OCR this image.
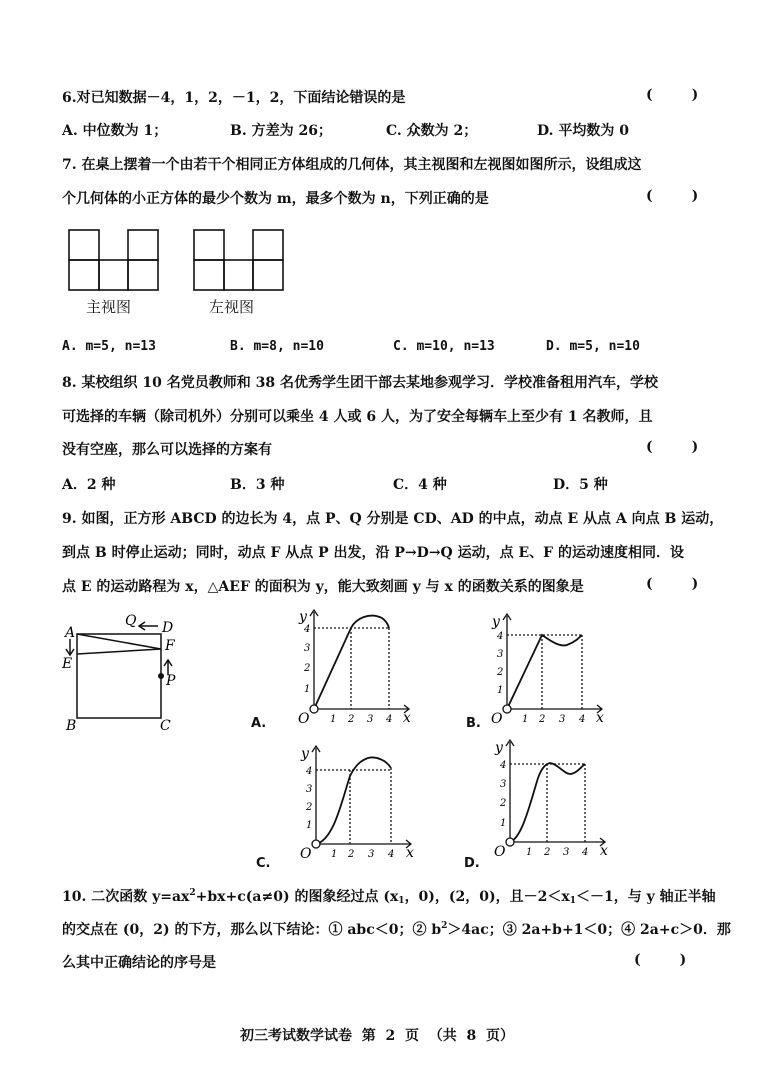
6.对已知数据－4，1，2，－1，2，下面结论错误的是	(        )
A. 中位数为 1；	B. 方差为 26；	C. 众数为 2；	D. 平均数为 0
7. 在桌上摆着一个由若干个相同正方体组成的几何体，其主视图和左视图如图所示，设组成这
个几何体的小正方体的最少个数为 m，最多个数为 n，下列正确的是	(        )
主视图	左视图
A. m=5, n=13	B. m=8, n=10	C. m=10, n=13	D. m=5, n=10
8. 某校组织 10 名党员教师和 38 名优秀学生团干部去某地参观学习．学校准备租用汽车，学校
可选择的车辆（除司机外）分别可以乘坐 4 人或 6 人，为了安全每辆车上至少有 1 名教师，且
没有空座，那么可以选择的方案有	(        )
A．2 种	B．3 种	C．4 种	D．5 种
9. 如图，正方形 ABCD 的边长为 4，点 P、Q 分别是 CD、AD 的中点，动点 E 从点 A 向点 B 运动，
到点 B 时停止运动；同时，动点 F 从点 P 出发，沿 P→D→Q 运动，点 E、F 的运动速度相同．设
点 E 的运动路程为 x，△AEF 的面积为 y，能大致刻画 y 与 x 的函数关系的图象是	(        )
A	D
Q
F
E
P
B	C	A.
y
x
O 1 2 3 4
1
2
3
4
B.
y
x
O 1 2 3 4
1
2
3
4
C.
y
x
O 1 2 3 4
1
2
3
4
D.
y
x
O 1 2 3 4
1
2
3
4
10. 二次函数 $y=ax^2+bx+c(a\ne 0)$ 的图象经过点 ($x_1$，0)，(2，0)，且$-2<x_1<-1$，与 y 轴正半轴
的交点在 (0，2) 的下方，那么以下结论：① abc＜0；② $b^2>4ac$；③ 2a+b+1＜0；④ 2a+c＞0．那
么其中正确结论的序号是	(        )
初三考试数学试卷  第  2  页  （共  8  页）
